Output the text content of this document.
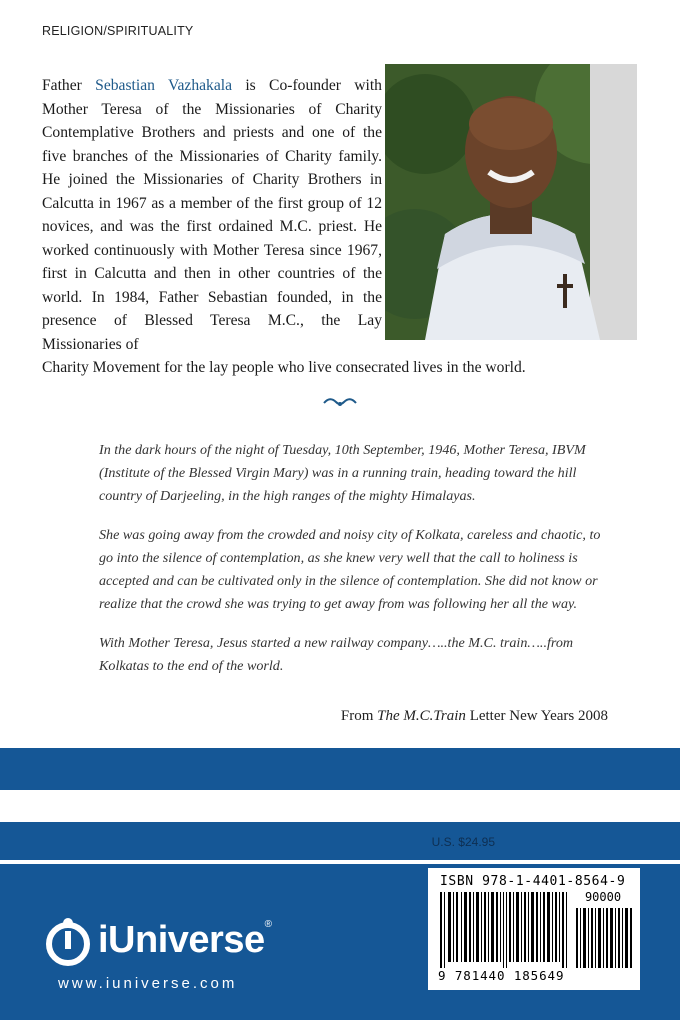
RELIGION/SPIRITUALITY
Father Sebastian Vazhakala is Co-founder with Mother Teresa of the Missionaries of Charity Contemplative Brothers and priests and one of the five branches of the Missionaries of Charity family. He joined the Missionaries of Charity Brothers in Calcutta in 1967 as a member of the first group of 12 novices, and was the first ordained M.C. priest. He worked continuously with Mother Teresa since 1967, first in Calcutta and then in other countries of the world. In 1984, Father Sebastian founded, in the presence of Blessed Teresa M.C., the Lay Missionaries of
Charity Movement for the lay people who live consecrated lives in the world.

In the dark hours of the night of Tuesday, 10th September, 1946, Mother Teresa, IBVM (Institute of the Blessed Virgin Mary) was in a running train, heading toward the hill country of Darjeeling, in the high ranges of the mighty Himalayas.

She was going away from the crowded and noisy city of Kolkata, careless and chaotic, to go into the silence of contemplation, as she knew very well that the call to holiness is accepted and can be cultivated only in the silence of contemplation. She did not know or realize that the crowd she was trying to get away from was following her all the way.

With Mother Teresa, Jesus started a new railway company…..the M.C. train…..from Kolkatas to the end of the world.

From The M.C.Train Letter New Years 2008
U.S. $24.95
iUniverse®
www.iuniverse.com
ISBN 978-1-4401-8564-9
90000
9 781440 185649
